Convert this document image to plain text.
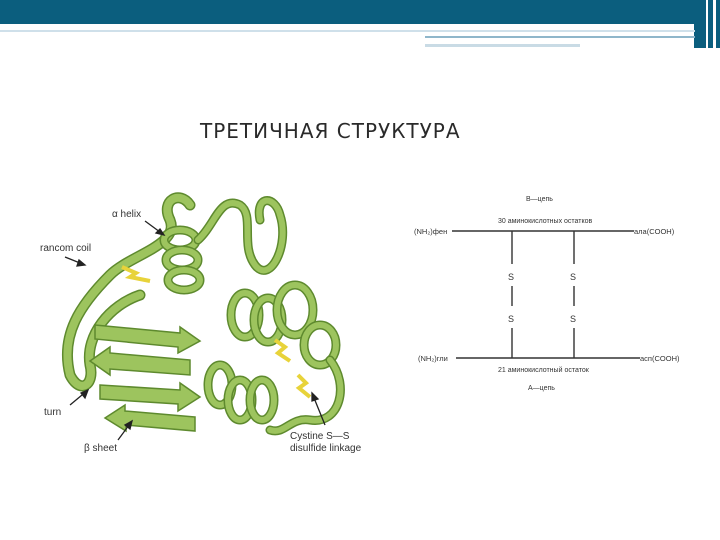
ТРЕТИЧНАЯ СТРУКТУРА
α helix
rancom coil
turn
β sheet
Cystine S—S
disulfide linkage
В—цепь
30 аминокислотных остатков
(NH₂)фен	ала(COOH)
S
S
S
S
(NH₂)гли	асп(COOH)
21 аминокислотный остаток
А—цепь
